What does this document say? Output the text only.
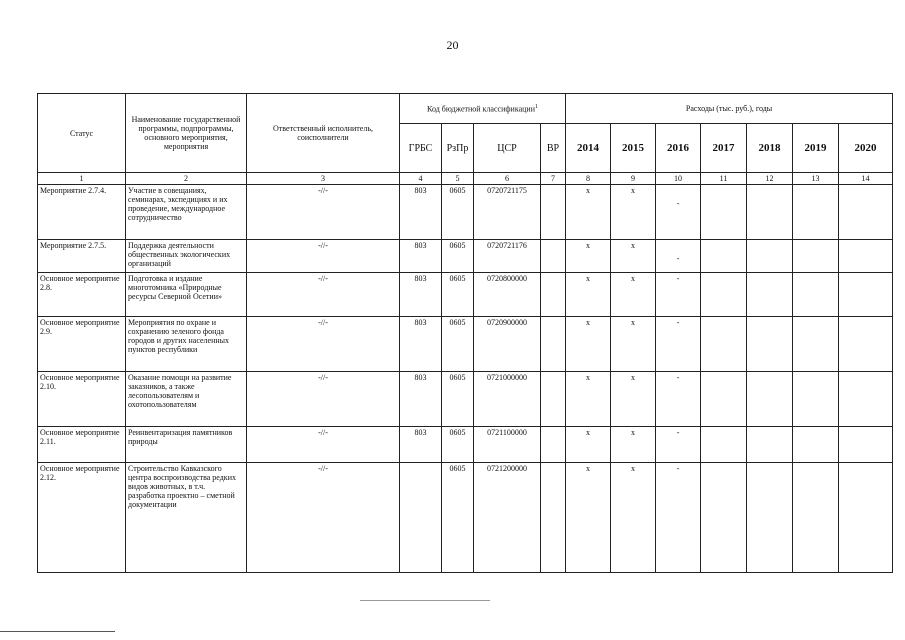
20
Статус	Наименование государственной программы, подпрограммы, основного мероприятия, мероприятия	Ответственный исполнитель, соисполнители	Код бюджетной классификации$^1$				Расходы (тыс. руб.), годы						
			ГРБС	РзПр	ЦСР	ВР	2014	2015	2016	2017	2018	2019	2020
1	2	3	4	5	6	7	8	9	10	11	12	13	14
Мероприятие 2.7.4.	Участие в совещаниях, семинарах, экспедициях и их проведение, международное сотрудничество	-//-	803	0605	0720721175		x	x	-				
Мероприятие 2.7.5.	Поддержка деятельности общественных экологических организаций	-//-	803	0605	0720721176		x	x	-				
Основное мероприятие 2.8.	Подготовка и издание многотомника «Природные ресурсы Северной Осетии»	-//-	803	0605	0720800000		x	x	-				
Основное мероприятие 2.9.	Мероприятия по охране и сохранению зеленого фонда городов и других населенных пунктов республики	-//-	803	0605	0720900000		x	x	-				
Основное мероприятие 2.10.	Оказание помощи на развитие заказников, а также лесопользователям и охотопользователям	-//-	803	0605	0721000000		x	x	-				
Основное мероприятие 2.11.	Реинвентаризация памятников природы	-//-	803	0605	0721100000		x	x	-				
Основное мероприятие 2.12.	Строительство Кавказского центра воспроизводства редких видов животных, в т.ч. разработка проектно – сметной документации	-//-		0605	0721200000		x	x	-				
